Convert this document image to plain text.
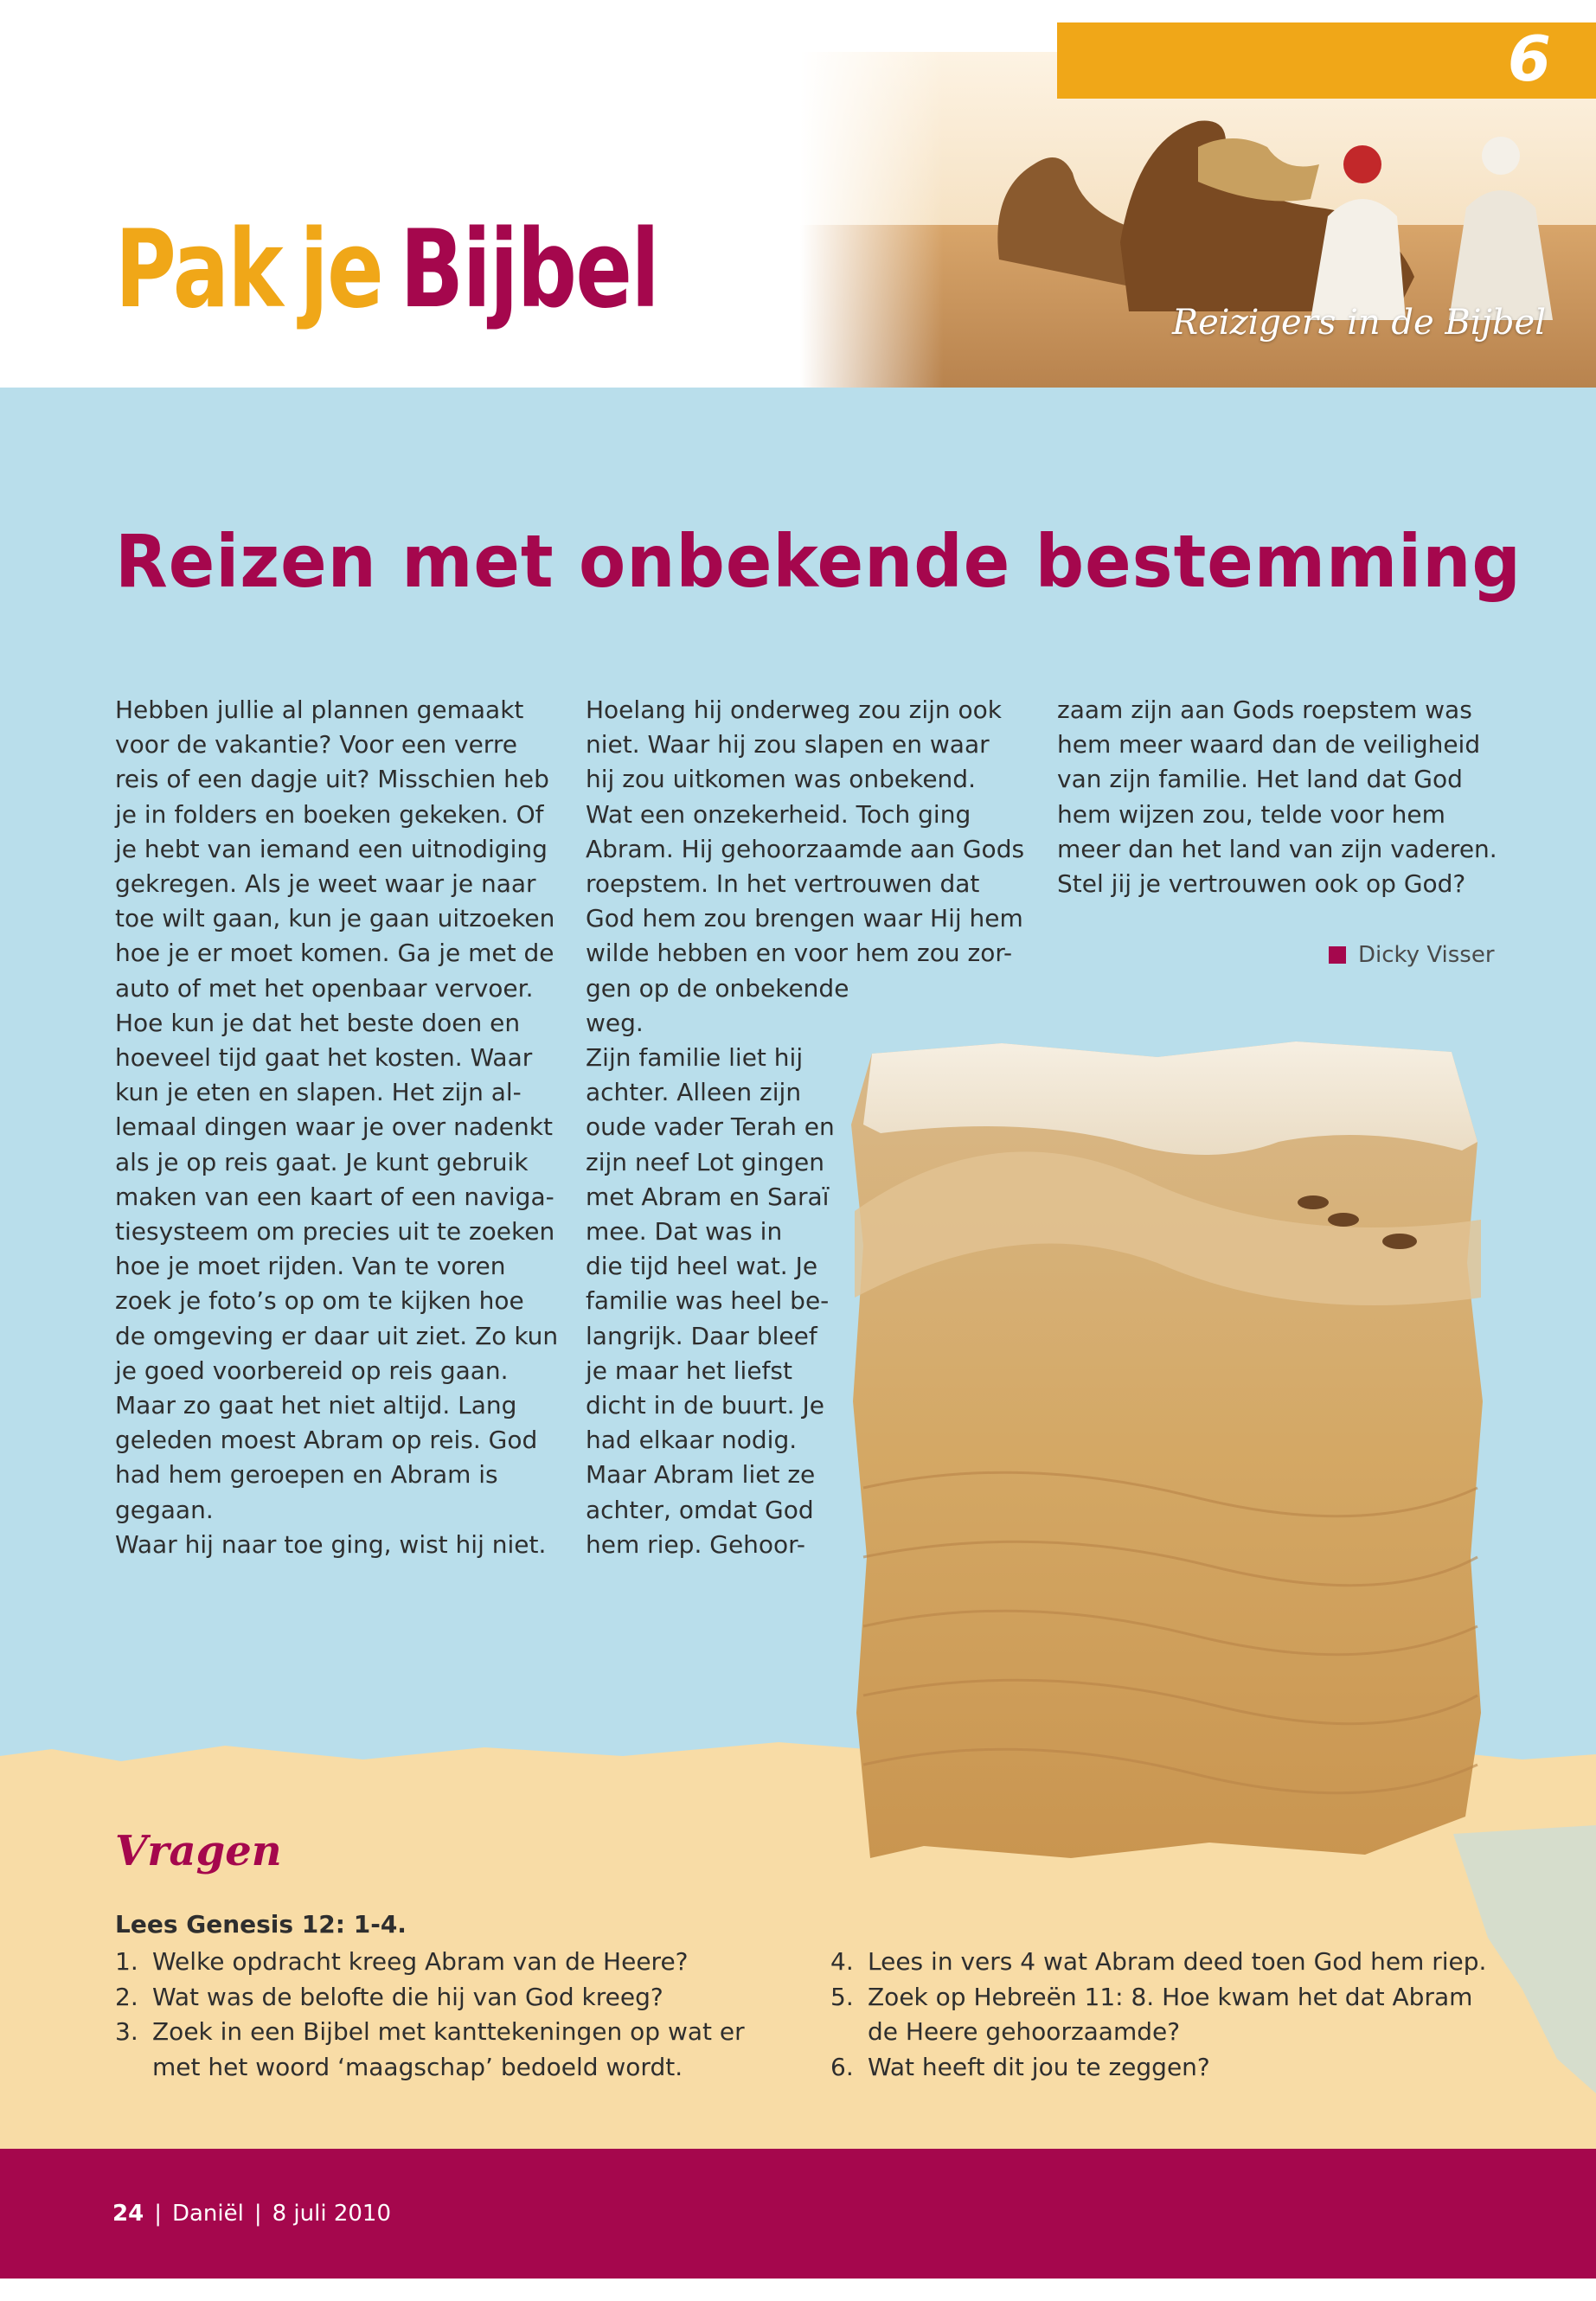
6
Reizigers in de Bijbel
Pak je Bijbel
Reizen met onbekende bestemming
Hebben jullie al plannen gemaakt
voor de vakantie? Voor een verre
reis of een dagje uit? Misschien heb
je in folders en boeken gekeken. Of
je hebt van iemand een uitnodiging
gekregen. Als je weet waar je naar
toe wilt gaan, kun je gaan uitzoeken
hoe je er moet komen. Ga je met de
auto of met het openbaar vervoer.
Hoe kun je dat het beste doen en
hoeveel tijd gaat het kosten. Waar
kun je eten en slapen. Het zijn al-
lemaal dingen waar je over nadenkt
als je op reis gaat. Je kunt gebruik
maken van een kaart of een naviga-
tiesysteem om precies uit te zoeken
hoe je moet rijden. Van te voren
zoek je foto’s op om te kijken hoe
de omgeving er daar uit ziet. Zo kun
je goed voorbereid op reis gaan.
Maar zo gaat het niet altijd. Lang
geleden moest Abram op reis. God
had hem geroepen en Abram is
gegaan.
Waar hij naar toe ging, wist hij niet.
Hoelang hij onderweg zou zijn ook
niet. Waar hij zou slapen en waar
hij zou uitkomen was onbekend.
Wat een onzekerheid. Toch ging
Abram. Hij gehoorzaamde aan Gods
roepstem. In het vertrouwen dat
God hem zou brengen waar Hij hem
wilde hebben en voor hem zou zor-
gen op de onbekende
weg.
Zijn familie liet hij
achter. Alleen zijn
oude vader Terah en
zijn neef Lot gingen
met Abram en Saraï
mee. Dat was in
die tijd heel wat. Je
familie was heel be-
langrijk. Daar bleef
je maar het liefst
dicht in de buurt. Je
had elkaar nodig.
Maar Abram liet ze
achter, omdat God
hem riep. Gehoor-
zaam zijn aan Gods roepstem was
hem meer waard dan de veiligheid
van zijn familie. Het land dat God
hem wijzen zou, telde voor hem
meer dan het land van zijn vaderen.
Stel jij je vertrouwen ook op God?
Dicky Visser
Vragen
Lees Genesis 12: 1-4.
1. Welke opdracht kreeg Abram van de Heere?
2. Wat was de belofte die hij van God kreeg?
3. Zoek in een Bijbel met kanttekeningen op wat er met het woord ‘maagschap’ bedoeld wordt.
4. Lees in vers 4 wat Abram deed toen God hem riep.
5. Zoek op Hebreën 11: 8. Hoe kwam het dat Abram de Heere gehoorzaamde?
6. Wat heeft dit jou te zeggen?
24 | Daniël | 8 juli 2010
